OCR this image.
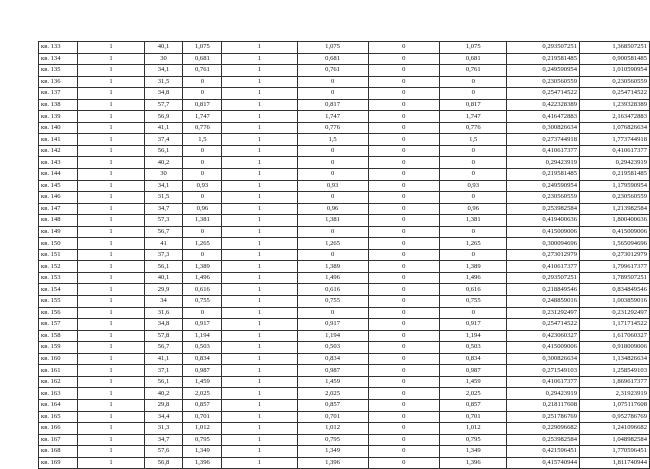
кв. 133	1	40,1	1,075	1	1,075	0	1,075	0,293507251	1,368507251
кв. 134	1	30	0,681	1	0,681	0	0,681	0,219581485	0,900581485
кв. 135	1	34,1	0,761	1	0,761	0	0,761	0,249590954	1,010590954
кв. 136	1	31,5	0	1	0	0	0	0,230560559	0,230560559
кв. 137	1	34,8	0	1	0	0	0	0,254714522	0,254714522
кв. 138	1	57,7	0,817	1	0,817	0	0,817	0,422328389	1,239328389
кв. 139	1	56,9	1,747	1	1,747	0	1,747	0,416472883	2,163472883
кв. 140	1	41,1	0,776	1	0,776	0	0,776	0,300826634	1,076826634
кв. 141	1	37,4	1,5	1	1,5	0	1,5	0,273744918	1,773744918
кв. 142	1	56,1	0	1	0	0	0	0,410617377	0,410617377
кв. 143	1	40,2	0	1	0	0	0	0,29423919	0,29423919
кв. 144	1	30	0	1	0	0	0	0,219581485	0,219581485
кв. 145	1	34,1	0,93	1	0,93	0	0,93	0,249590954	1,179590954
кв. 146	1	31,5	0	1	0	0	0	0,230560559	0,230560559
кв. 147	1	34,7	0,96	1	0,96	0	0,96	0,253982584	1,213982584
кв. 148	1	57,3	1,381	1	1,381	0	1,381	0,419400636	1,800400636
кв. 149	1	56,7	0	1	0	0	0	0,415009006	0,415009006
кв. 150	1	41	1,265	1	1,265	0	1,265	0,300094696	1,565094696
кв. 151	1	37,3	0	1	0	0	0	0,273012979	0,273012979
кв. 152	1	56,1	1,389	1	1,389	0	1,389	0,410617377	1,799617377
кв. 153	1	40,1	1,496	1	1,496	0	1,496	0,293507251	1,789507251
кв. 154	1	29,9	0,616	1	0,616	0	0,616	0,218849546	0,834849546
кв. 155	1	34	0,755	1	0,755	0	0,755	0,248859016	1,003859016
кв. 156	1	31,6	0	1	0	0	0	0,231292497	0,231292497
кв. 157	1	34,8	0,917	1	0,917	0	0,917	0,254714522	1,171714522
кв. 158	1	57,8	1,194	1	1,194	0	1,194	0,423060327	1,617060327
кв. 159	1	56,7	0,503	1	0,503	0	0,503	0,415009006	0,918009006
кв. 160	1	41,1	0,834	1	0,834	0	0,834	0,300826634	1,134826634
кв. 161	1	37,1	0,987	1	0,987	0	0,987	0,271549103	1,258549103
кв. 162	1	56,1	1,459	1	1,459	0	1,459	0,410617377	1,869617377
кв. 163	1	40,2	2,025	1	2,025	0	2,025	0,29423919	2,31923919
кв. 164	1	29,8	0,857	1	0,857	0	0,857	0,218117608	1,075117608
кв. 165	1	34,4	0,701	1	0,701	0	0,701	0,251786769	0,952786769
кв. 166	1	31,3	1,012	1	1,012	0	1,012	0,229096682	1,241096682
кв. 167	1	34,7	0,795	1	0,795	0	0,795	0,253982584	1,048982584
кв. 168	1	57,6	1,349	1	1,349	0	1,349	0,421596451	1,770596451
кв. 169	1	56,8	1,396	1	1,396	0	1,396	0,415740944	1,811740944
